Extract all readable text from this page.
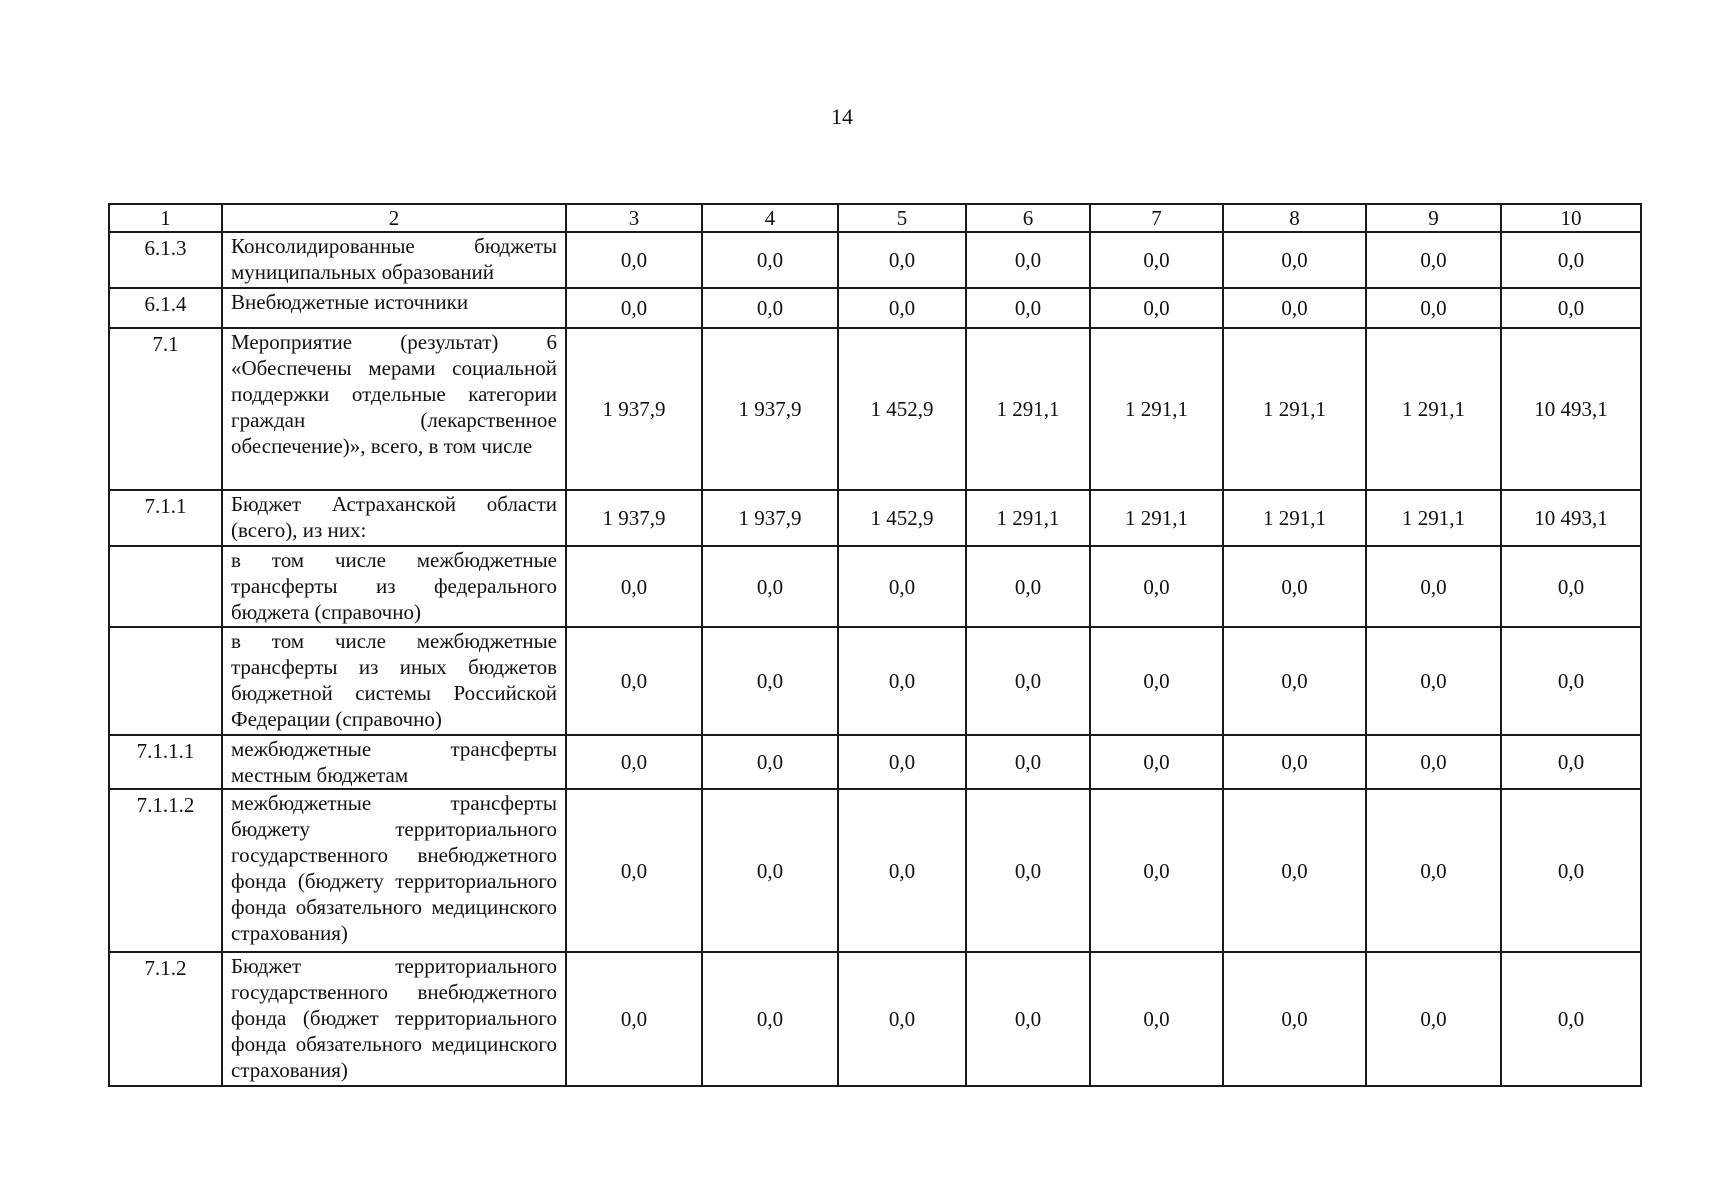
14
1	2	3	4	5	6	7	8	9	10
6.1.3	Консолидированные бюджеты муниципальных образований	0,0	0,0	0,0	0,0	0,0	0,0	0,0	0,0
6.1.4	Внебюджетные источники	0,0	0,0	0,0	0,0	0,0	0,0	0,0	0,0
7.1	Мероприятие (результат) 6 «Обеспечены мерами социальной поддержки отдельные категории граждан (лекарственное обеспечение)», всего, в том числе	1 937,9	1 937,9	1 452,9	1 291,1	1 291,1	1 291,1	1 291,1	10 493,1
7.1.1	Бюджет Астраханской области (всего), из них:	1 937,9	1 937,9	1 452,9	1 291,1	1 291,1	1 291,1	1 291,1	10 493,1
	в том числе межбюджетные трансферты из федерального бюджета (справочно)	0,0	0,0	0,0	0,0	0,0	0,0	0,0	0,0
	в том числе межбюджетные трансферты из иных бюджетов бюджетной системы Российской Федерации (справочно)	0,0	0,0	0,0	0,0	0,0	0,0	0,0	0,0
7.1.1.1	межбюджетные трансферты местным бюджетам	0,0	0,0	0,0	0,0	0,0	0,0	0,0	0,0
7.1.1.2	межбюджетные трансферты бюджету территориального государственного внебюджетного фонда (бюджету территориального фонда обязательного медицинского страхования)	0,0	0,0	0,0	0,0	0,0	0,0	0,0	0,0
7.1.2	Бюджет территориального государственного внебюджетного фонда (бюджет территориального фонда обязательного медицинского страхования)	0,0	0,0	0,0	0,0	0,0	0,0	0,0	0,0
